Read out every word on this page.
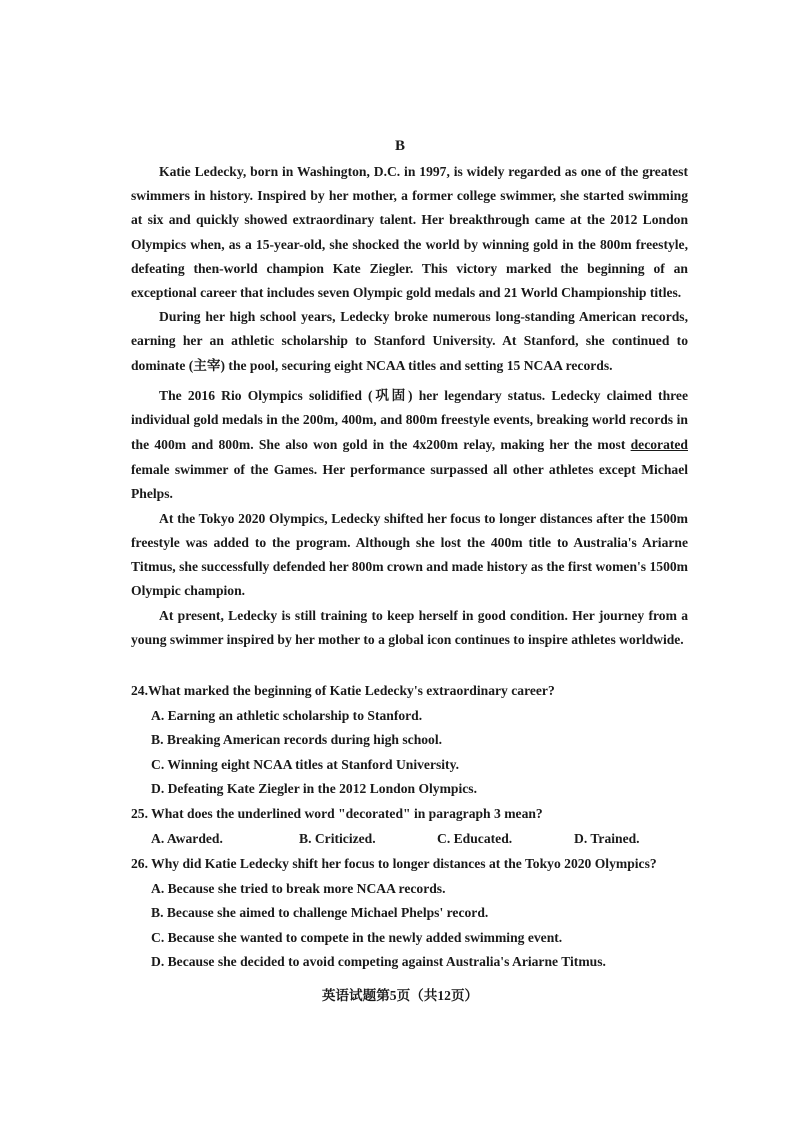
B

Katie Ledecky, born in Washington, D.C. in 1997, is widely regarded as one of the greatest swimmers in history. Inspired by her mother, a former college swimmer, she started swimming at six and quickly showed extraordinary talent. Her breakthrough came at the 2012 London Olympics when, as a 15-year-old, she shocked the world by winning gold in the 800m freestyle, defeating then-world champion Kate Ziegler. This victory marked the beginning of an exceptional career that includes seven Olympic gold medals and 21 World Championship titles.

During her high school years, Ledecky broke numerous long-standing American records, earning her an athletic scholarship to Stanford University. At Stanford, she continued to dominate (主宰) the pool, securing eight NCAA titles and setting 15 NCAA records.

The 2016 Rio Olympics solidified (巩固) her legendary status. Ledecky claimed three individual gold medals in the 200m, 400m, and 800m freestyle events, breaking world records in the 400m and 800m. She also won gold in the 4x200m relay, making her the most decorated female swimmer of the Games. Her performance surpassed all other athletes except Michael Phelps.

At the Tokyo 2020 Olympics, Ledecky shifted her focus to longer distances after the 1500m freestyle was added to the program. Although she lost the 400m title to Australia's Ariarne Titmus, she successfully defended her 800m crown and made history as the first women's 1500m Olympic champion.

At present, Ledecky is still training to keep herself in good condition. Her journey from a young swimmer inspired by her mother to a global icon continues to inspire athletes worldwide.

24.What marked the beginning of Katie Ledecky's extraordinary career?
A. Earning an athletic scholarship to Stanford.
B. Breaking American records during high school.
C. Winning eight NCAA titles at Stanford University.
D. Defeating Kate Ziegler in the 2012 London Olympics.
25. What does the underlined word "decorated" in paragraph 3 mean?
A. Awarded.	B. Criticized.	C. Educated.	D. Trained.
26. Why did Katie Ledecky shift her focus to longer distances at the Tokyo 2020 Olympics?
A. Because she tried to break more NCAA records.
B. Because she aimed to challenge Michael Phelps' record.
C. Because she wanted to compete in the newly added swimming event.
D. Because she decided to avoid competing against Australia's Ariarne Titmus.
英语试题第5页（共12页）
